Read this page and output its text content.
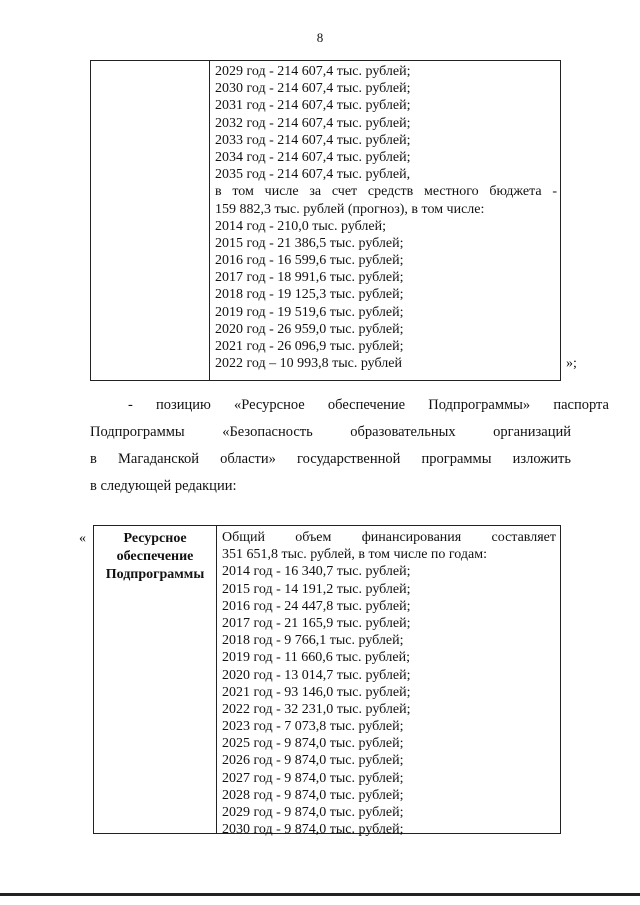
8
2029 год - 214 607,4 тыс. рублей;
2030 год - 214 607,4 тыс. рублей;
2031 год - 214 607,4 тыс. рублей;
2032 год - 214 607,4 тыс. рублей;
2033 год - 214 607,4 тыс. рублей;
2034 год - 214 607,4 тыс. рублей;
2035 год - 214 607,4 тыс. рублей,
в том числе за счет средств местного бюджета -
159 882,3 тыс. рублей (прогноз), в том числе:
2014 год - 210,0 тыс. рублей;
2015 год - 21 386,5 тыс. рублей;
2016 год - 16 599,6 тыс. рублей;
2017 год - 18 991,6 тыс. рублей;
2018 год - 19 125,3 тыс. рублей;
2019 год - 19 519,6 тыс. рублей;
2020 год - 26 959,0 тыс. рублей;
2021 год - 26 096,9 тыс. рублей;
2022 год – 10 993,8 тыс. рублей	»;
- позицию «Ресурсное обеспечение Подпрограммы» паспорта
Подпрограммы	«Безопасность	образовательных	организаций
в Магаданской области» государственной программы изложить
в следующей редакции:
«	Ресурсное
обеспечение
Подпрограммы
Общий объем финансирования составляет
351 651,8 тыс. рублей, в том числе по годам:
2014 год - 16 340,7 тыс. рублей;
2015 год - 14 191,2 тыс. рублей;
2016 год - 24 447,8 тыс. рублей;
2017 год - 21 165,9 тыс. рублей;
2018 год - 9 766,1 тыс. рублей;
2019 год - 11 660,6 тыс. рублей;
2020 год - 13 014,7 тыс. рублей;
2021 год - 93 146,0 тыс. рублей;
2022 год - 32 231,0 тыс. рублей;
2023 год - 7 073,8 тыс. рублей;
2025 год - 9 874,0 тыс. рублей;
2026 год - 9 874,0 тыс. рублей;
2027 год - 9 874,0 тыс. рублей;
2028 год - 9 874,0 тыс. рублей;
2029 год - 9 874,0 тыс. рублей;
2030 год - 9 874,0 тыс. рублей;
